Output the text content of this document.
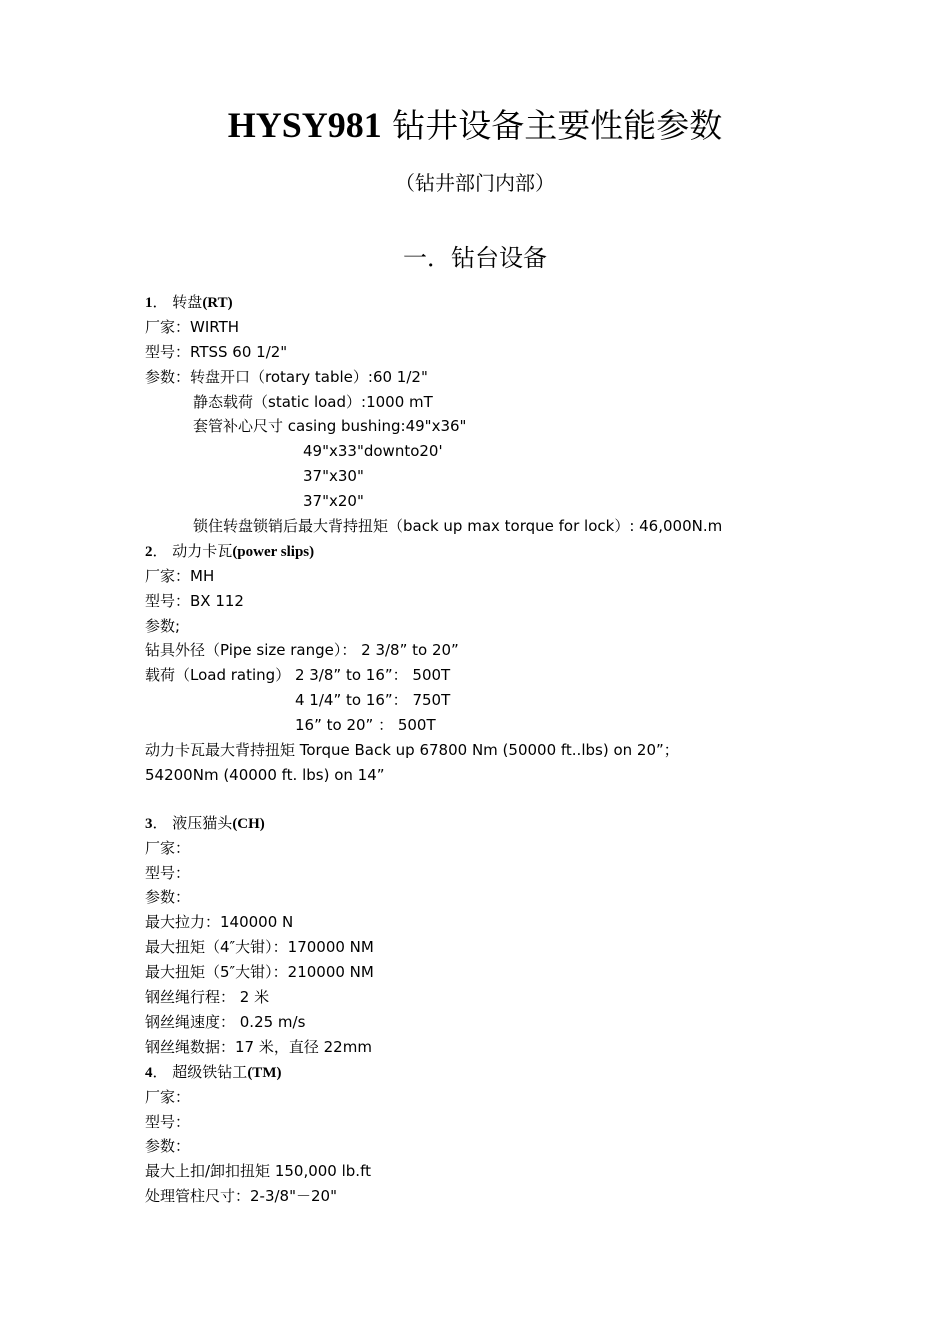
HYSY981 钻井设备主要性能参数
（钻井部门内部）
一．钻台设备
1． 转盘(RT)
厂家：WIRTH
型号：RTSS 60 1/2"
参数：转盘开口（rotary table）:60 1/2"
静态载荷（static load）:1000 mT
套管补心尺寸 casing bushing:49"x36"
49"x33"downto20'
37"x30"
37"x20"
锁住转盘锁销后最大背持扭矩（back up max torque for lock）: 46,000N.m
2． 动力卡瓦(power slips)
厂家：MH
型号：BX 112
参数;
钻具外径（Pipe size range）： 2 3/8” to 20”
载荷（Load rating） 2 3/8” to 16”： 500T
4 1/4” to 16”： 750T
16” to 20” ： 500T
动力卡瓦最大背持扭矩 Torque Back up 67800 Nm (50000 ft..lbs) on 20”；
54200Nm (40000 ft. lbs) on 14”
3． 液压猫头(CH)
厂家：
型号：
参数：
最大拉力：140000 N
最大扭矩（4″大钳）：170000 NM
最大扭矩（5″大钳）：210000 NM
钢丝绳行程： 2 米
钢丝绳速度： 0.25 m/s
钢丝绳数据：17 米，直径 22mm
4． 超级铁钻工(TM)
厂家：
型号：
参数：
最大上扣/卸扣扭矩 150,000 lb.ft
处理管柱尺寸：2-3/8"－20"
